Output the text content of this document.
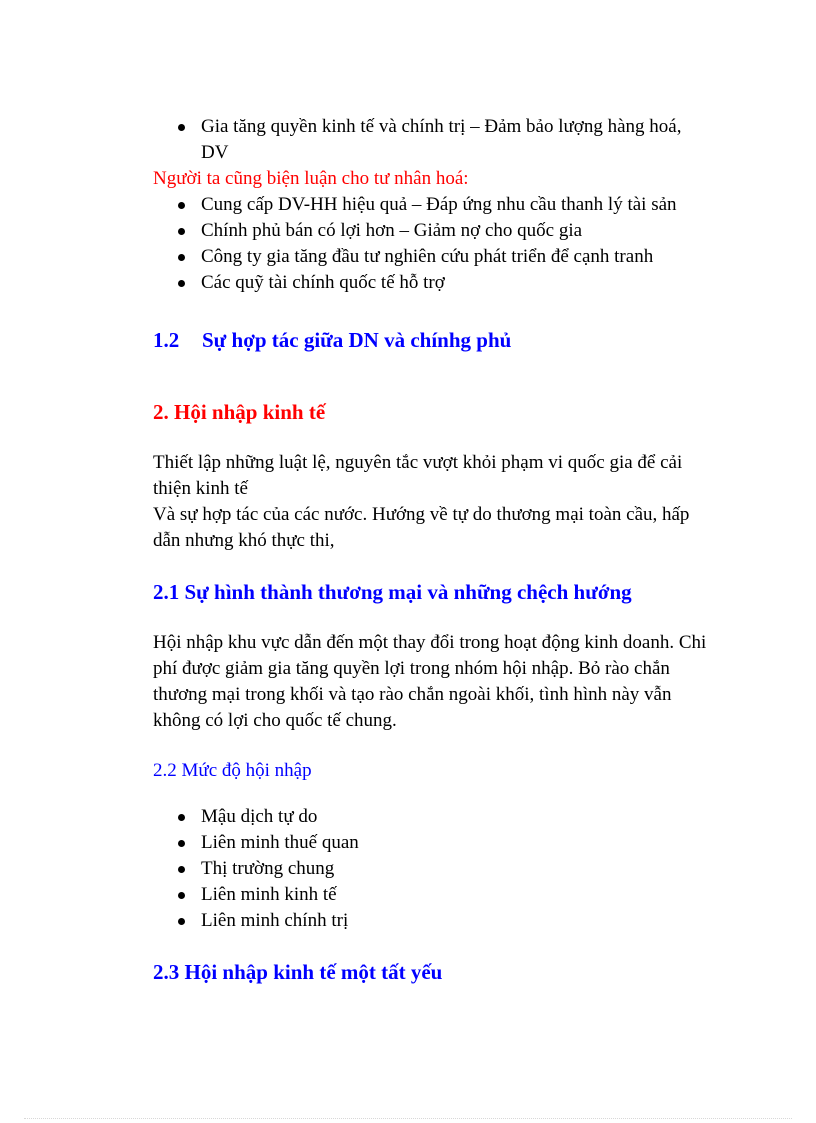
Gia tăng quyền kinh tế và chính trị – Đảm bảo lượng hàng hoá, DV
Người ta cũng biện luận cho tư nhân hoá:
Cung cấp DV-HH hiệu quả – Đáp ứng nhu cầu thanh lý tài sản
Chính phủ bán có lợi hơn – Giảm nợ cho quốc gia
Công ty gia tăng đầu tư nghiên cứu phát triển để cạnh tranh
Các quỹ tài chính quốc tế hỗ trợ
1.2 Sự hợp tác giữa DN và chínhg phủ
2. Hội nhập kinh tế
Thiết lập những luật lệ, nguyên tắc vượt khỏi phạm vi quốc gia để cải thiện kinh tế
Và sự hợp tác của các nước. Hướng về tự do thương mại toàn cầu, hấp dẫn nhưng khó thực thi,
2.1 Sự hình thành thương mại và những chệch hướng
Hội nhập khu vực dẫn đến một thay đổi trong hoạt động kinh doanh. Chi phí được giảm gia tăng quyền lợi trong nhóm hội nhập. Bỏ rào chắn thương mại trong khối và tạo rào chắn ngoài khối, tình hình này vẫn không có lợi cho quốc tế chung.
2.2 Mức độ hội nhập
Mậu dịch tự do
Liên minh thuế quan
Thị trường chung
Liên minh kinh tế
Liên minh chính trị
2.3 Hội nhập kinh tế một tất yếu
